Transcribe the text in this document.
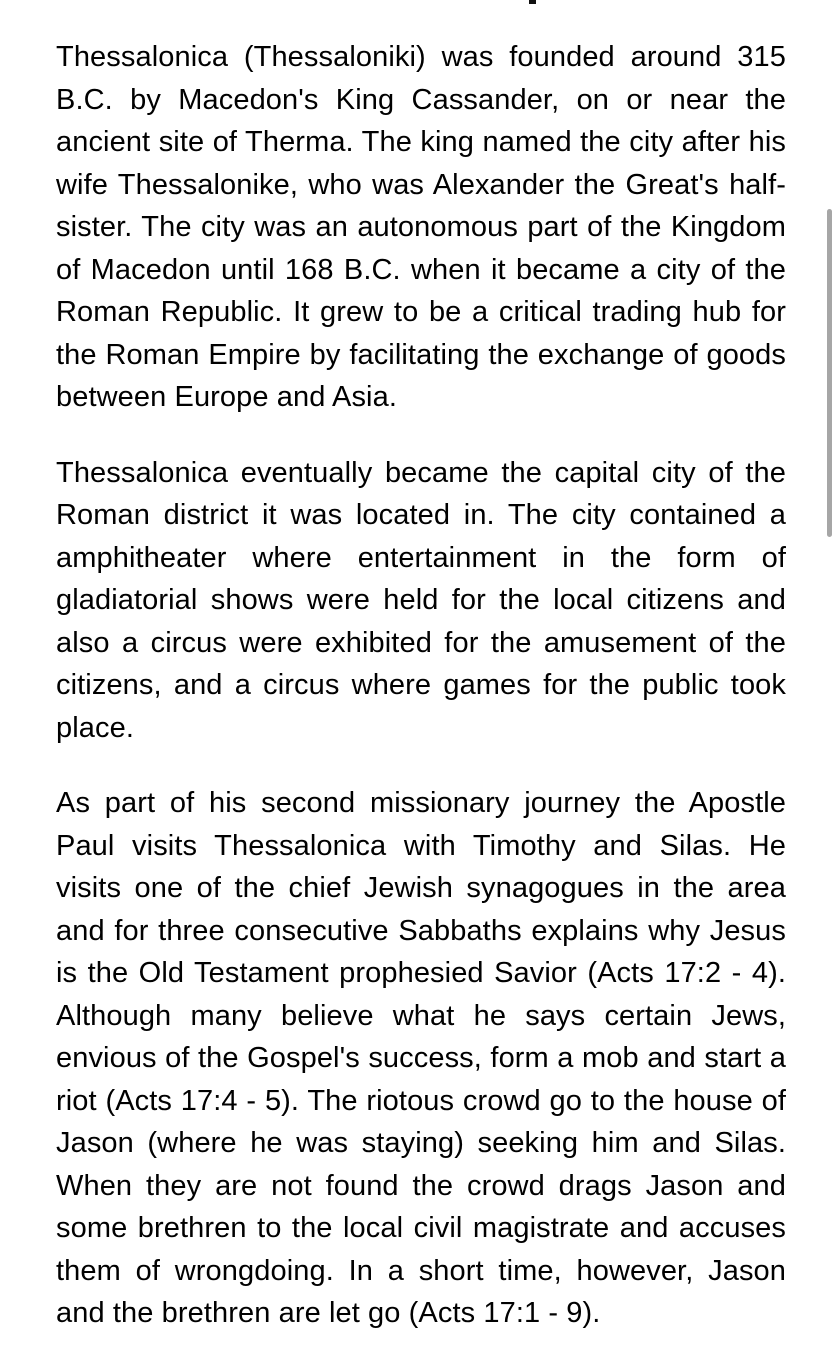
Thessalonica (Thessaloniki) was founded around 315 B.C. by Macedon's King Cassander, on or near the ancient site of Therma. The king named the city after his wife Thessalonike, who was Alexander the Great's half-sister. The city was an autonomous part of the Kingdom of Macedon until 168 B.C. when it became a city of the Roman Republic. It grew to be a critical trading hub for the Roman Empire by facilitating the exchange of goods between Europe and Asia.

Thessalonica eventually became the capital city of the Roman district it was located in. The city contained a amphitheater where entertainment in the form of gladiatorial shows were held for the local citizens and also a circus were exhibited for the amusement of the citizens, and a circus where games for the public took place.

As part of his second missionary journey the Apostle Paul visits Thessalonica with Timothy and Silas. He visits one of the chief Jewish synagogues in the area and for three consecutive Sabbaths explains why Jesus is the Old Testament prophesied Savior (Acts 17:2 - 4). Although many believe what he says certain Jews, envious of the Gospel's success, form a mob and start a riot (Acts 17:4 - 5). The riotous crowd go to the house of Jason (where he was staying) seeking him and Silas. When they are not found the crowd drags Jason and some brethren to the local civil magistrate and accuses them of wrongdoing. In a short time, however, Jason and the brethren are let go (Acts 17:1 - 9).
